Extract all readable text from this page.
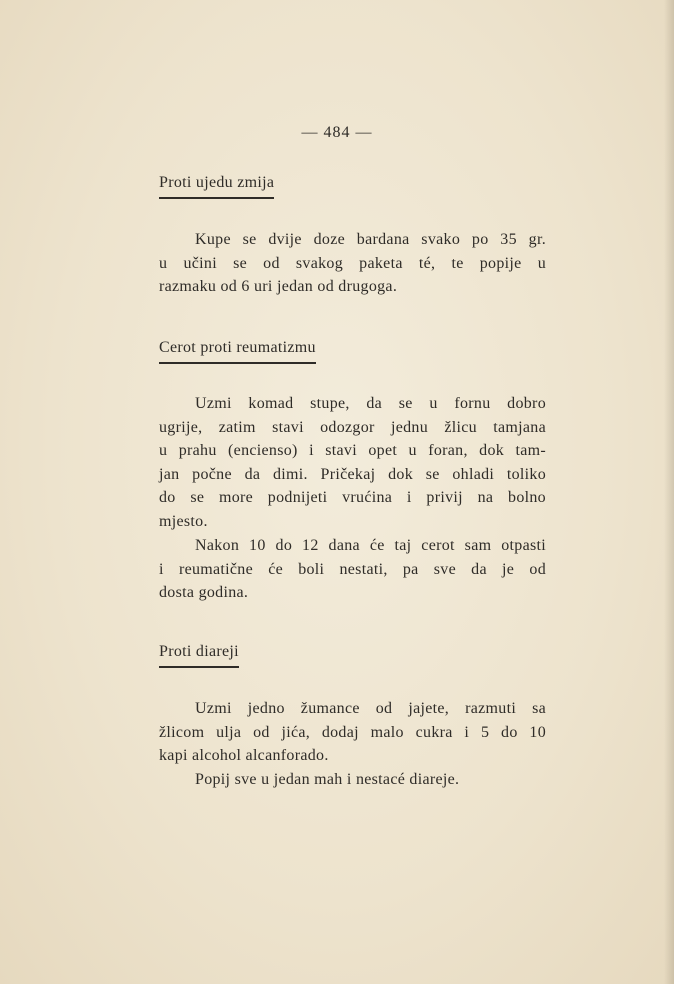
— 484 —
Proti ujedu zmija
Kupe se dvije doze bardana svako po 35 gr.
u učini se od svakog paketa té, te popije u
razmaku od 6 uri jedan od drugoga.
Cerot proti reumatizmu
Uzmi komad stupe, da se u fornu dobro
ugrije, zatim stavi odozgor jednu žlicu tamjana
u prahu (encienso) i stavi opet u foran, dok tam-
jan počne da dimi. Pričekaj dok se ohladi toliko
do se more podnijeti vrućina i privij na bolno
mjesto.
Nakon 10 do 12 dana će taj cerot sam otpasti
i reumatične će boli nestati, pa sve da je od
dosta godina.
Proti diareji
Uzmi jedno žumance od jajete, razmuti sa
žlicom ulja od jića, dodaj malo cukra i 5 do 10
kapi alcohol alcanforado.
Popij sve u jedan mah i nestacé diareje.
